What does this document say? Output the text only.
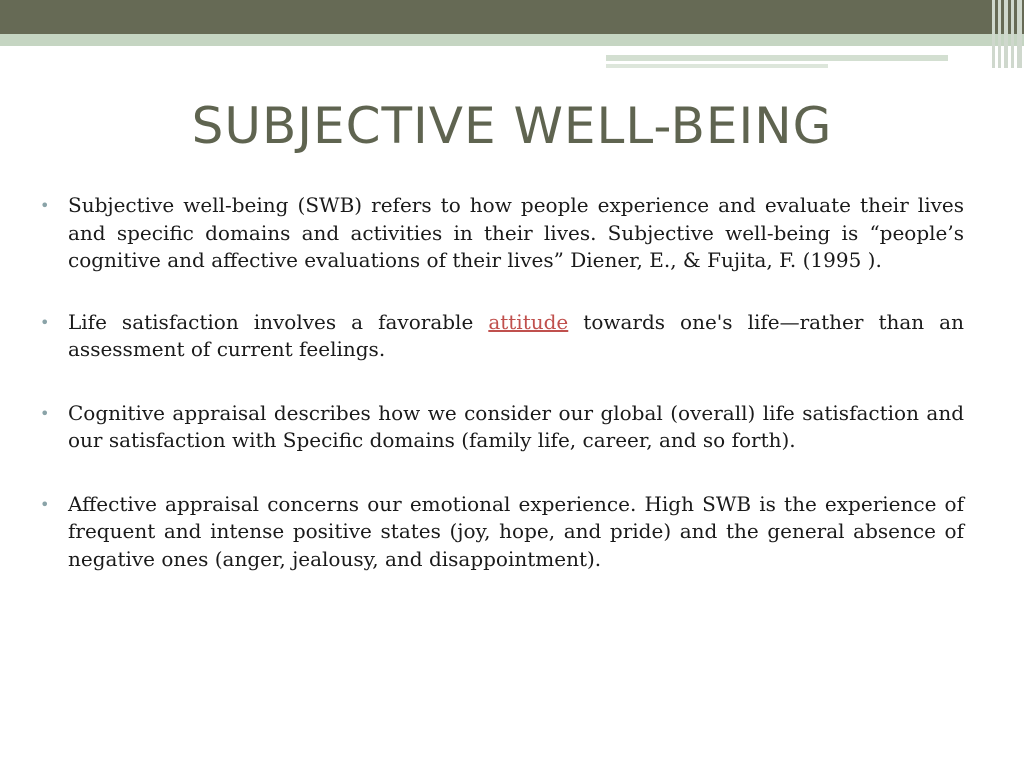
SUBJECTIVE WELL-BEING
• Subjective well-being (SWB) refers to how people experience and evaluate their lives and specific domains and activities in their lives. Subjective well-being is “people’s cognitive and affective evaluations of their lives” Diener, E., & Fujita, F. (1995 ).
• Life satisfaction involves a favorable attitude towards one's life—rather than an assessment of current feelings.
• Cognitive appraisal describes how we consider our global (overall) life satisfaction and our satisfaction with Specific domains (family life, career, and so forth).
• Affective appraisal concerns our emotional experience. High SWB is the experience of frequent and intense positive states (joy, hope, and pride) and the general absence of negative ones (anger, jealousy, and disappointment).
